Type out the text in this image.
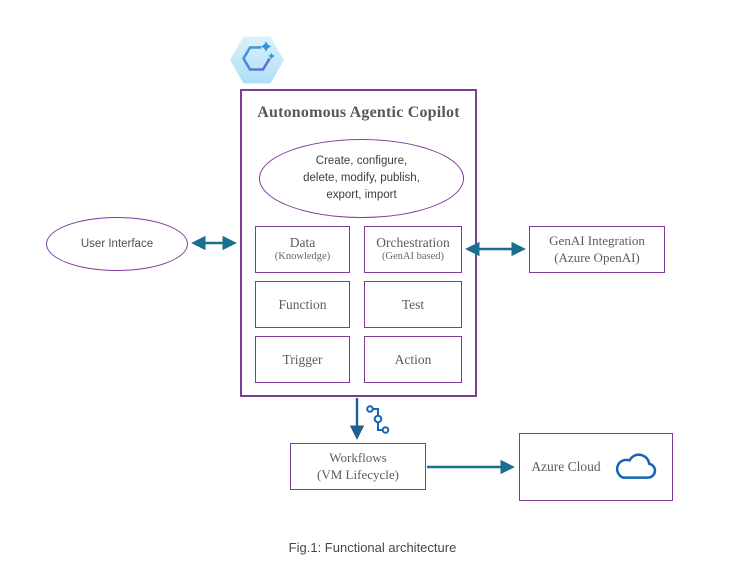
Autonomous Agentic Copilot
Create, configure,
delete, modify, publish,
export, import
Data
(Knowledge)
Orchestration
(GenAI based)
Function	Test
Trigger	Action
User Interface	GenAI Integration
(Azure OpenAI)
Workflows
(VM Lifecycle)	Azure Cloud
Fig.1: Functional architecture
